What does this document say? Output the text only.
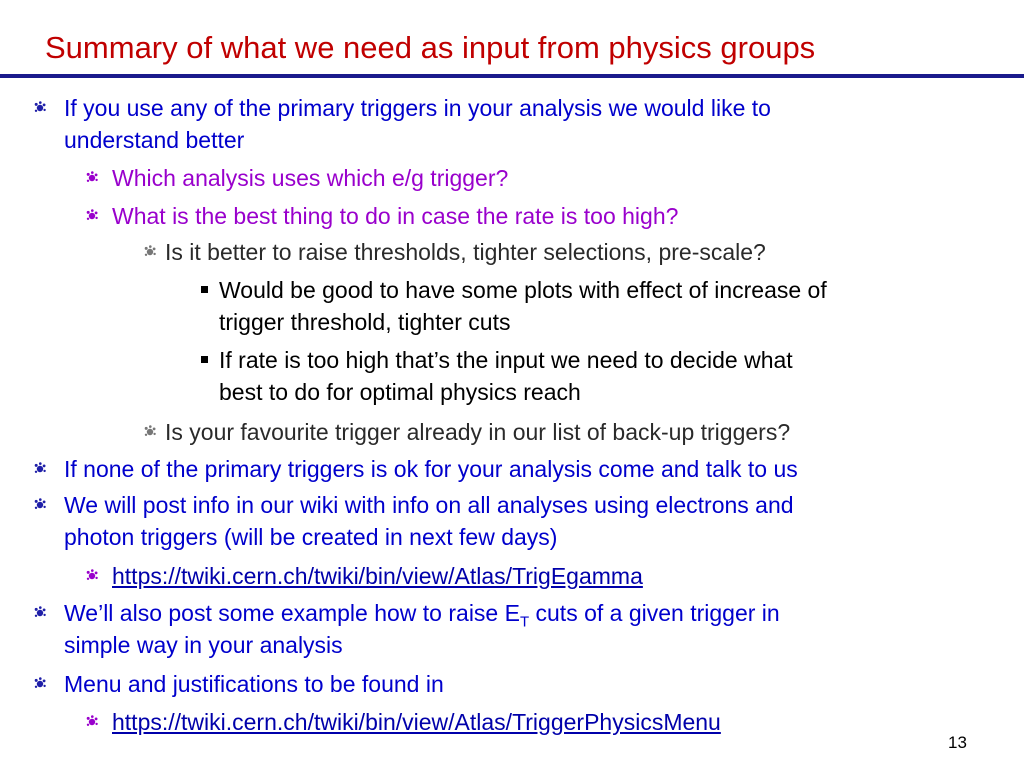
Summary of what we need as input from physics groups
If you use any of the primary triggers in your analysis we would like to
understand better
Which analysis uses which e/g trigger?
What is the best thing to do in case the rate is too high?
Is it better to raise thresholds, tighter selections, pre-scale?
Would be good to have some plots with effect of increase of
trigger threshold, tighter cuts
If rate is too high that’s the input we need to decide what
best to do for optimal physics reach
Is your favourite trigger already in our list of back-up triggers?
If none of the primary triggers is ok for your analysis come and talk to us
We will post info in our wiki with info on all analyses using electrons and
photon triggers (will be created in next few days)
https://twiki.cern.ch/twiki/bin/view/Atlas/TrigEgamma
We’ll also post some example how to raise $E_T$ cuts of a given trigger in
simple way in your analysis
Menu and justifications to be found in
https://twiki.cern.ch/twiki/bin/view/Atlas/TriggerPhysicsMenu
13
